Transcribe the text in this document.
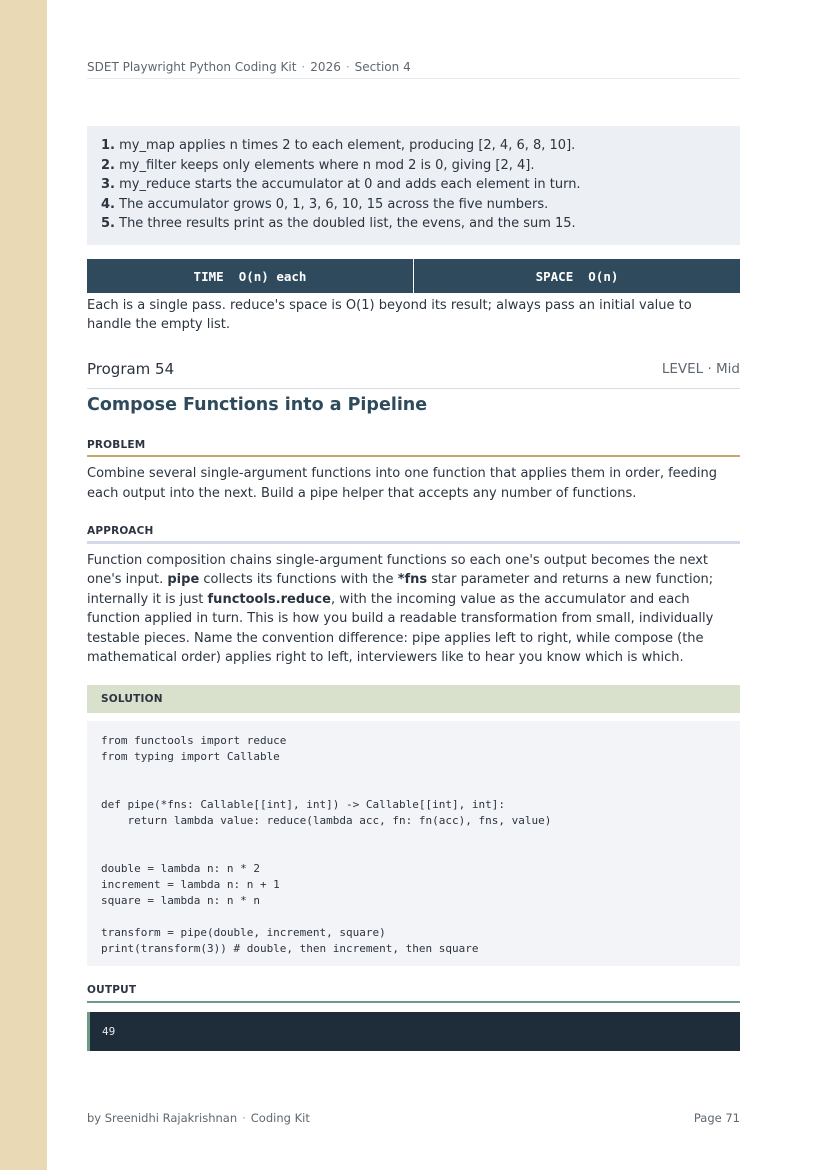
SDET Playwright Python Coding Kit · 2026 · Section 4
1. my_map applies n times 2 to each element, producing [2, 4, 6, 8, 10].
2. my_filter keeps only elements where n mod 2 is 0, giving [2, 4].
3. my_reduce starts the accumulator at 0 and adds each element in turn.
4. The accumulator grows 0, 1, 3, 6, 10, 15 across the five numbers.
5. The three results print as the doubled list, the evens, and the sum 15.
TIME  O(n) each	SPACE  O(n)
Each is a single pass. reduce's space is O(1) beyond its result; always pass an initial value to handle the empty list.
Program 54	LEVEL · Mid
Compose Functions into a Pipeline
PROBLEM
Combine several single-argument functions into one function that applies them in order, feeding each output into the next. Build a pipe helper that accepts any number of functions.
APPROACH
Function composition chains single-argument functions so each one's output becomes the next one's input. pipe collects its functions with the *fns star parameter and returns a new function; internally it is just functools.reduce, with the incoming value as the accumulator and each function applied in turn. This is how you build a readable transformation from small, individually testable pieces. Name the convention difference: pipe applies left to right, while compose (the mathematical order) applies right to left, interviewers like to hear you know which is which.
SOLUTION
from functools import reduce
from typing import Callable
def pipe(*fns: Callable[[int], int]) -> Callable[[int], int]:
return lambda value: reduce(lambda acc, fn: fn(acc), fns, value)
double = lambda n: n * 2
increment = lambda n: n + 1
square = lambda n: n * n
transform = pipe(double, increment, square)
print(transform(3)) # double, then increment, then square
OUTPUT
49
by Sreenidhi Rajakrishnan · Coding Kit	Page 71
